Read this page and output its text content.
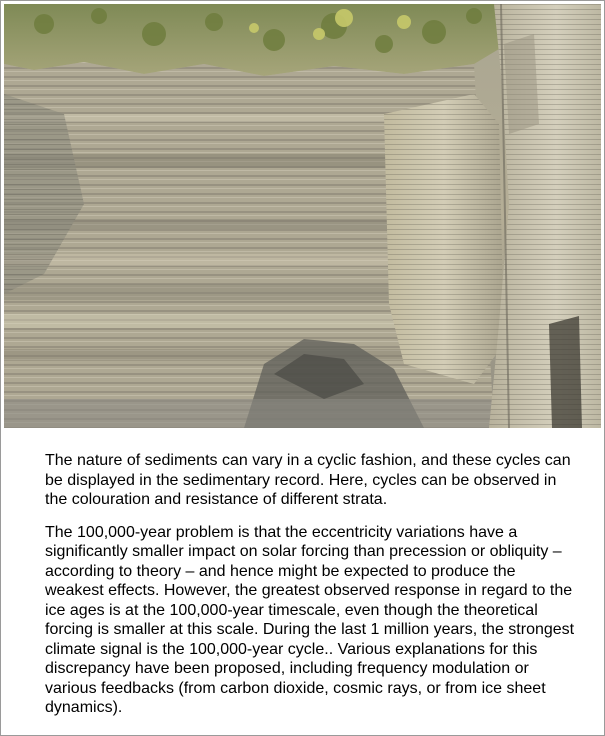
The nature of sediments can vary in a cyclic fashion, and these cycles can be displayed in the sedimentary record. Here, cycles can be observed in the colouration and resistance of different strata.

The 100,000-year problem is that the eccentricity variations have a significantly smaller impact on solar forcing than precession or obliquity – according to theory – and hence might be expected to produce the weakest effects. However, the greatest observed response in regard to the ice ages is at the 100,000-year timescale, even though the theoretical forcing is smaller at this scale. During the last 1 million years, the strongest climate signal is the 100,000-year cycle.. Various explanations for this discrepancy have been proposed, including frequency modulation or various feedbacks (from carbon dioxide, cosmic rays, or from ice sheet dynamics).
